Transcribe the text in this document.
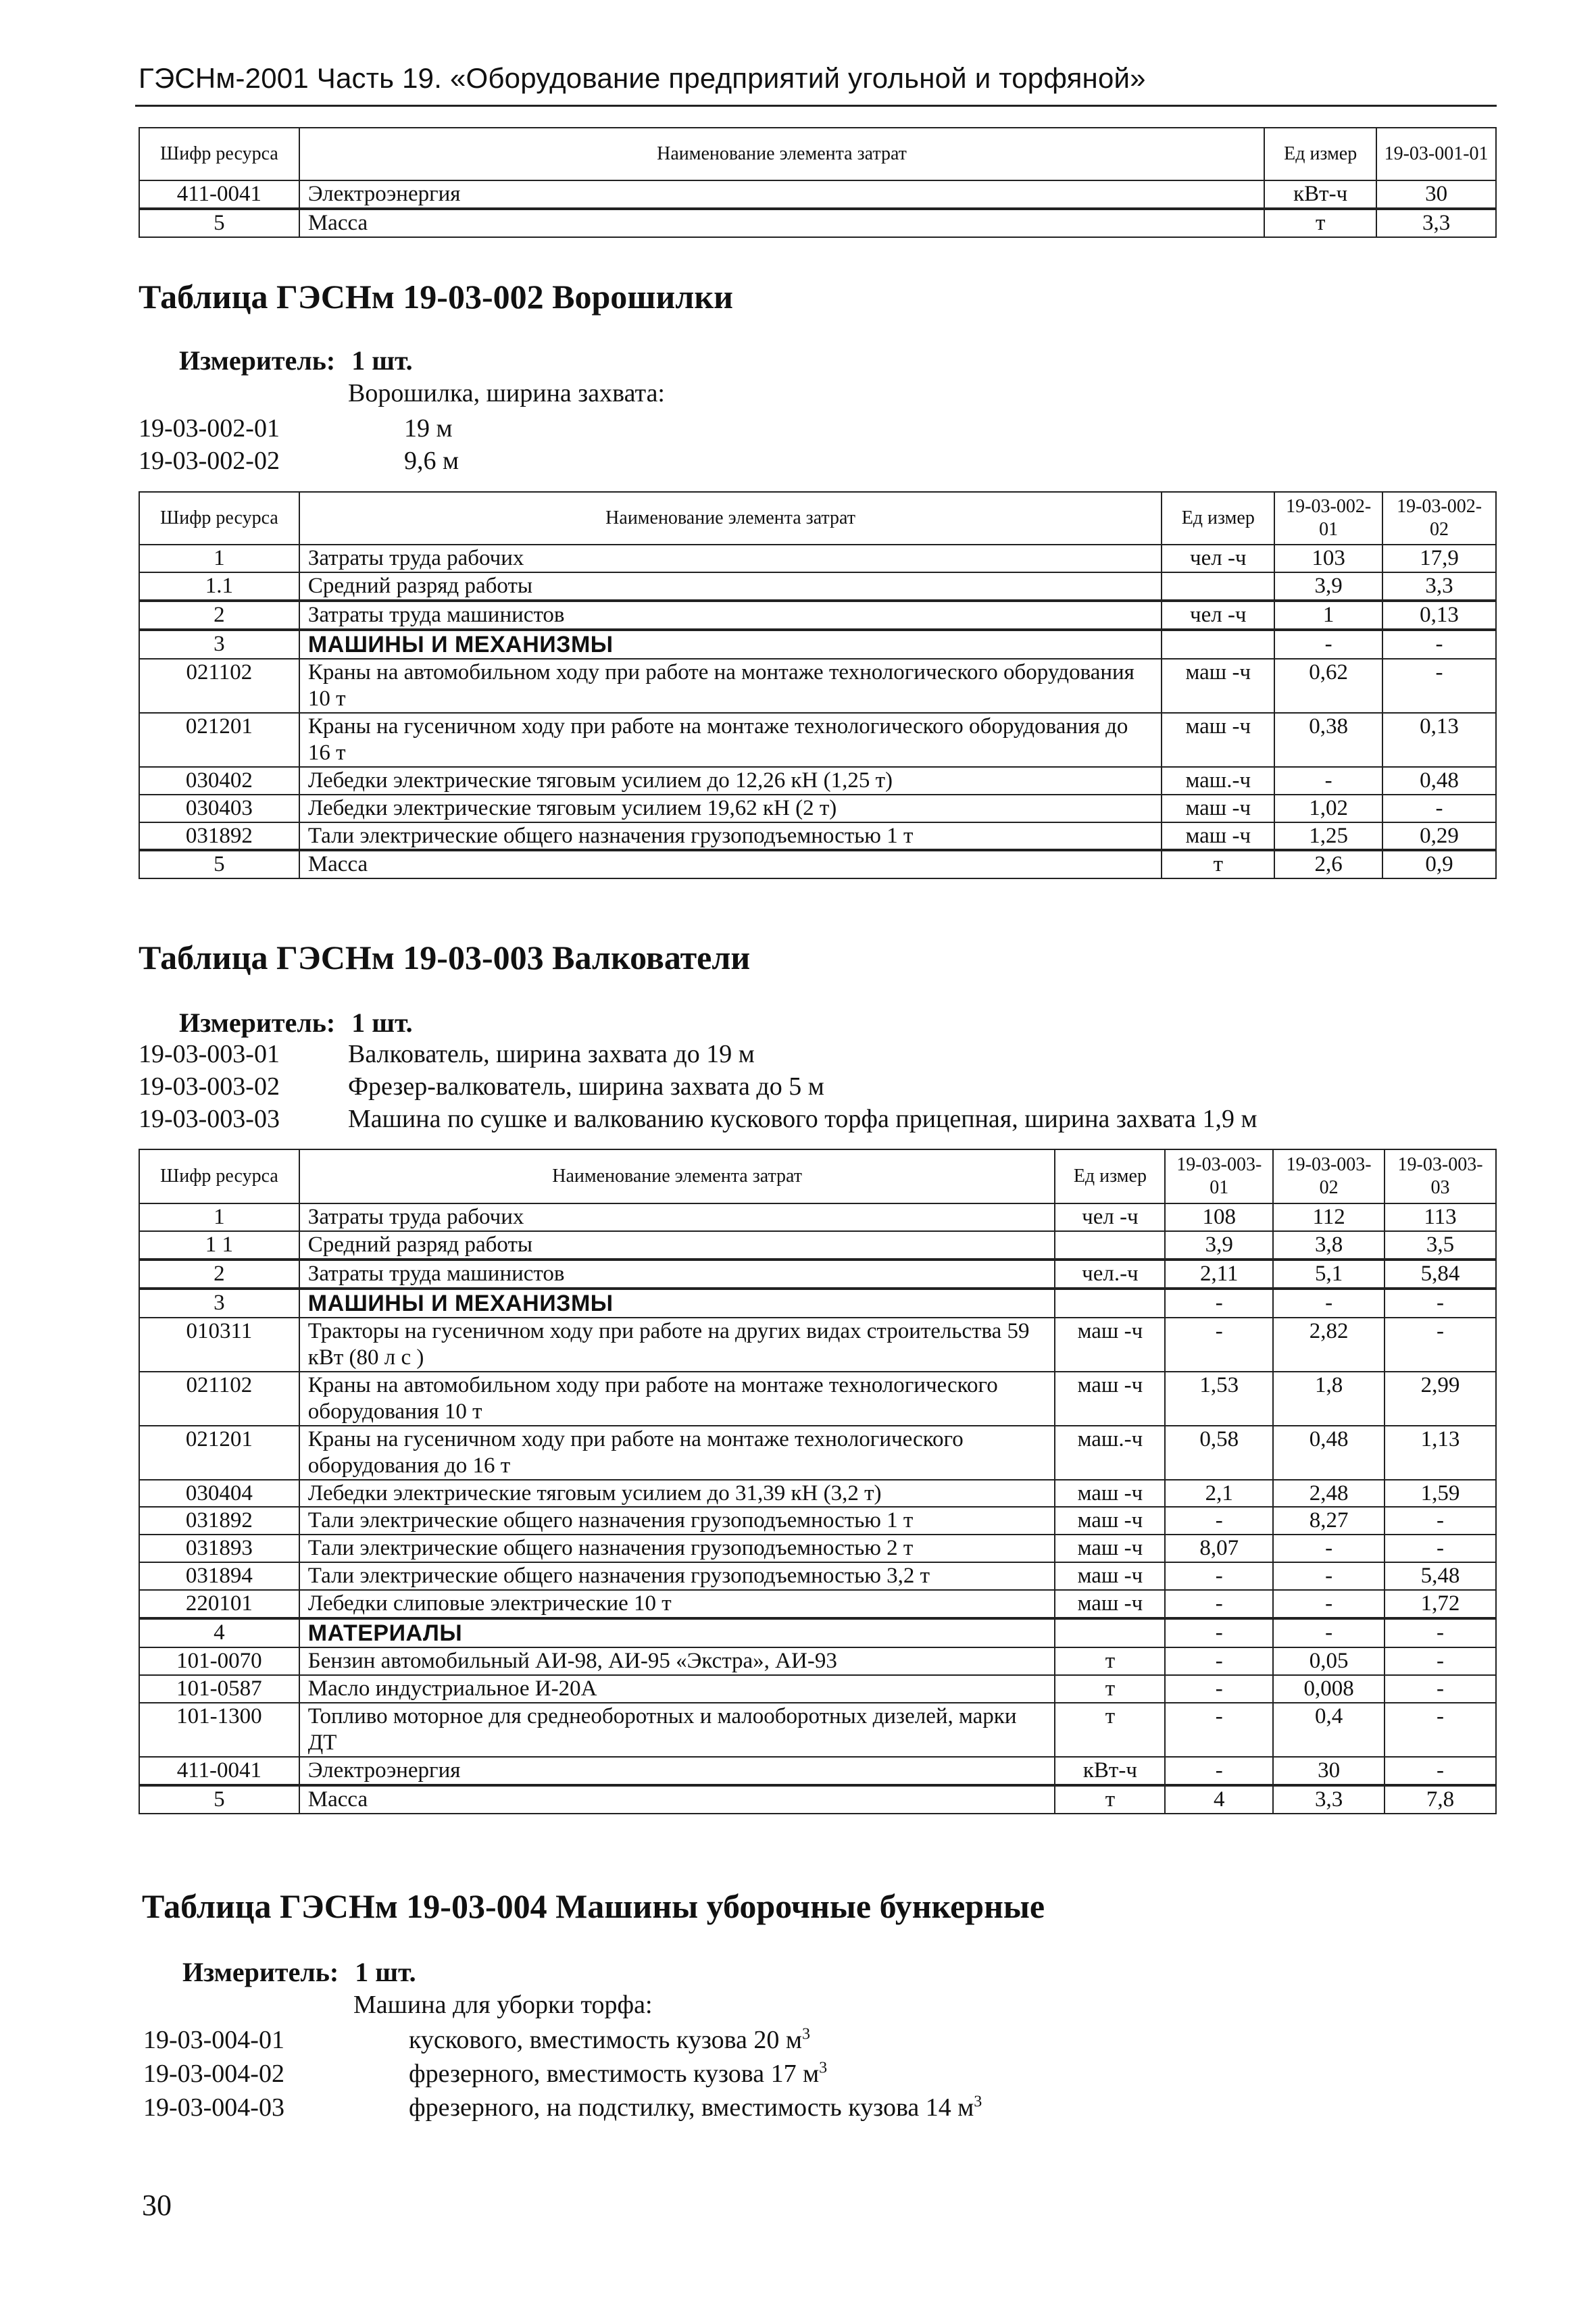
ГЭСНм-2001 Часть 19. «Оборудование предприятий угольной и торфяной»
Шифр ресурса	Наименование элемента затрат	Ед измер	19-03-001-01
411-0041	Электроэнергия	кВт-ч	30
5	Масса	т	3,3
Таблица ГЭСНм 19-03-002 Ворошилки
Измеритель: 1 шт.
Ворошилка, ширина захвата:
19-03-002-01	19 м
19-03-002-02	9,6 м
Шифр ресурса	Наименование элемента затрат	Ед измер	19-03-002-01	19-03-002-02
1	Затраты труда рабочих	чел -ч	103	17,9
1.1	Средний разряд работы		3,9	3,3
2	Затраты труда машинистов	чел -ч	1	0,13
3	МАШИНЫ И МЕХАНИЗМЫ		-	-
021102	Краны на автомобильном ходу при работе на монтаже технологического оборудования 10 т	маш -ч	0,62	-
021201	Краны на гусеничном ходу при работе на монтаже технологического оборудования до 16 т	маш -ч	0,38	0,13
030402	Лебедки электрические тяговым усилием до 12,26 кН (1,25 т)	маш.-ч	-	0,48
030403	Лебедки электрические тяговым усилием 19,62 кН (2 т)	маш -ч	1,02	-
031892	Тали электрические общего назначения грузоподъемностью 1 т	маш -ч	1,25	0,29
5	Масса	т	2,6	0,9
Таблица ГЭСНм 19-03-003 Валкователи
Измеритель: 1 шт.
19-03-003-01	Валкователь, ширина захвата до 19 м
19-03-003-02	Фрезер-валкователь, ширина захвата до 5 м
19-03-003-03	Машина по сушке и валкованию кускового торфа прицепная, ширина захвата 1,9 м
Шифр ресурса	Наименование элемента затрат	Ед измер	19-03-003-01	19-03-003-02	19-03-003-03
1	Затраты труда рабочих	чел -ч	108	112	113
1 1	Средний разряд работы		3,9	3,8	3,5
2	Затраты труда машинистов	чел.-ч	2,11	5,1	5,84
3	МАШИНЫ И МЕХАНИЗМЫ		-	-	-
010311	Тракторы на гусеничном ходу при работе на других видах строительства 59 кВт (80 л с )	маш -ч	-	2,82	-
021102	Краны на автомобильном ходу при работе на монтаже технологического оборудования 10 т	маш -ч	1,53	1,8	2,99
021201	Краны на гусеничном ходу при работе на монтаже технологического оборудования до 16 т	маш.-ч	0,58	0,48	1,13
030404	Лебедки электрические тяговым усилием до 31,39 кН (3,2 т)	маш -ч	2,1	2,48	1,59
031892	Тали электрические общего назначения грузоподъемностью 1 т	маш -ч	-	8,27	-
031893	Тали электрические общего назначения грузоподъемностью 2 т	маш -ч	8,07	-	-
031894	Тали электрические общего назначения грузоподъемностью 3,2 т	маш -ч	-	-	5,48
220101	Лебедки слиповые электрические 10 т	маш -ч	-	-	1,72
4	МАТЕРИАЛЫ		-	-	-
101-0070	Бензин автомобильный АИ-98, АИ-95 «Экстра», АИ-93	т	-	0,05	-
101-0587	Масло индустриальное И-20А	т	-	0,008	-
101-1300	Топливо моторное для среднеоборотных и малооборотных дизелей, марки ДТ	т	-	0,4	-
411-0041	Электроэнергия	кВт-ч	-	30	-
5	Масса	т	4	3,3	7,8
Таблица ГЭСНм 19-03-004 Машины уборочные бункерные
Измеритель: 1 шт.
Машина для уборки торфа:
19-03-004-01	кускового, вместимость кузова 20 $м^3$
19-03-004-02	фрезерного, вместимость кузова 17 $м^3$
19-03-004-03	фрезерного, на подстилку, вместимость кузова 14 $м^3$
30
